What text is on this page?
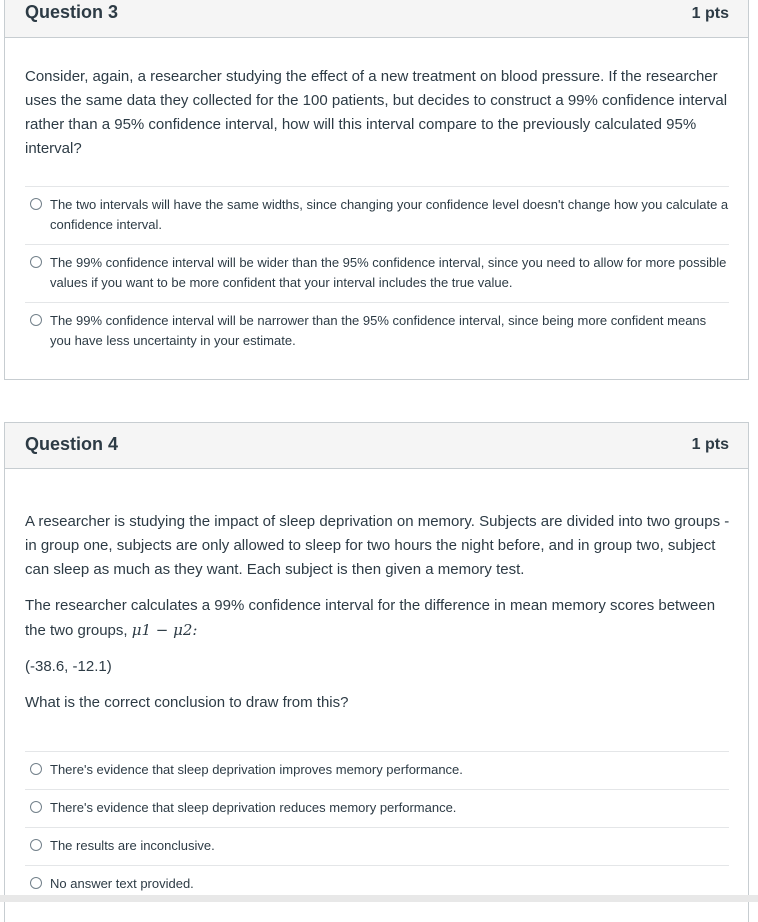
Question 3	1 pts

Consider, again, a researcher studying the effect of a new treatment on blood pressure. If the researcher uses the same data they collected for the 100 patients, but decides to construct a 99% confidence interval rather than a 95% confidence interval, how will this interval compare to the previously calculated 95% interval?

The two intervals will have the same widths, since changing your confidence level doesn't change how you calculate a confidence interval.
The 99% confidence interval will be wider than the 95% confidence interval, since you need to allow for more possible values if you want to be more confident that your interval includes the true value.
The 99% confidence interval will be narrower than the 95% confidence interval, since being more confident means you have less uncertainty in your estimate.
Question 4	1 pts

A researcher is studying the impact of sleep deprivation on memory. Subjects are divided into two groups - in group one, subjects are only allowed to sleep for two hours the night before, and in group two, subject can sleep as much as they want. Each subject is then given a memory test.

The researcher calculates a 99% confidence interval for the difference in mean memory scores between the two groups, μ1 − μ2:

(-38.6, -12.1)

What is the correct conclusion to draw from this?

There's evidence that sleep deprivation improves memory performance.
There's evidence that sleep deprivation reduces memory performance.
The results are inconclusive.
No answer text provided.
